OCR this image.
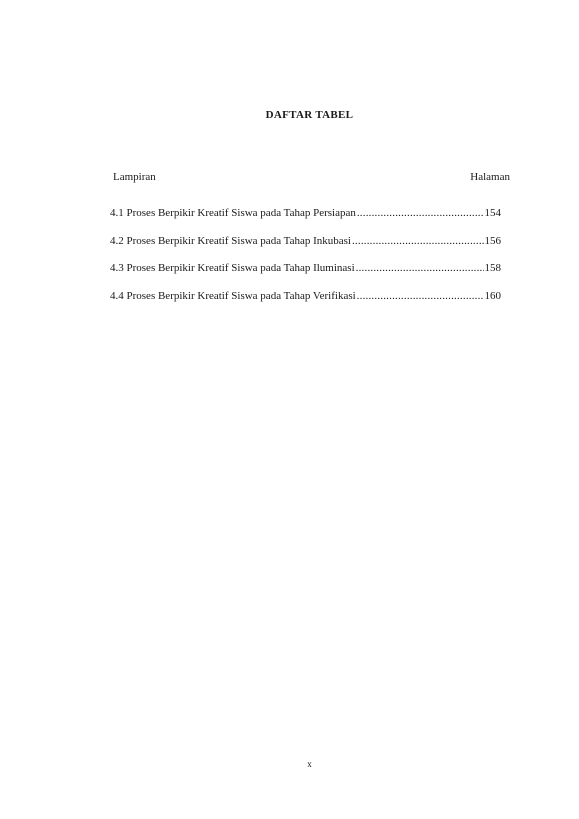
DAFTAR TABEL
Lampiran	Halaman
4.1 Proses Berpikir Kreatif Siswa pada Tahap Persiapan .....	154
4.2 Proses Berpikir Kreatif Siswa pada Tahap Inkubasi .....	156
4.3 Proses Berpikir Kreatif Siswa pada Tahap Iluminasi .....	158
4.4 Proses Berpikir Kreatif Siswa pada Tahap Verifikasi .....	160
x
